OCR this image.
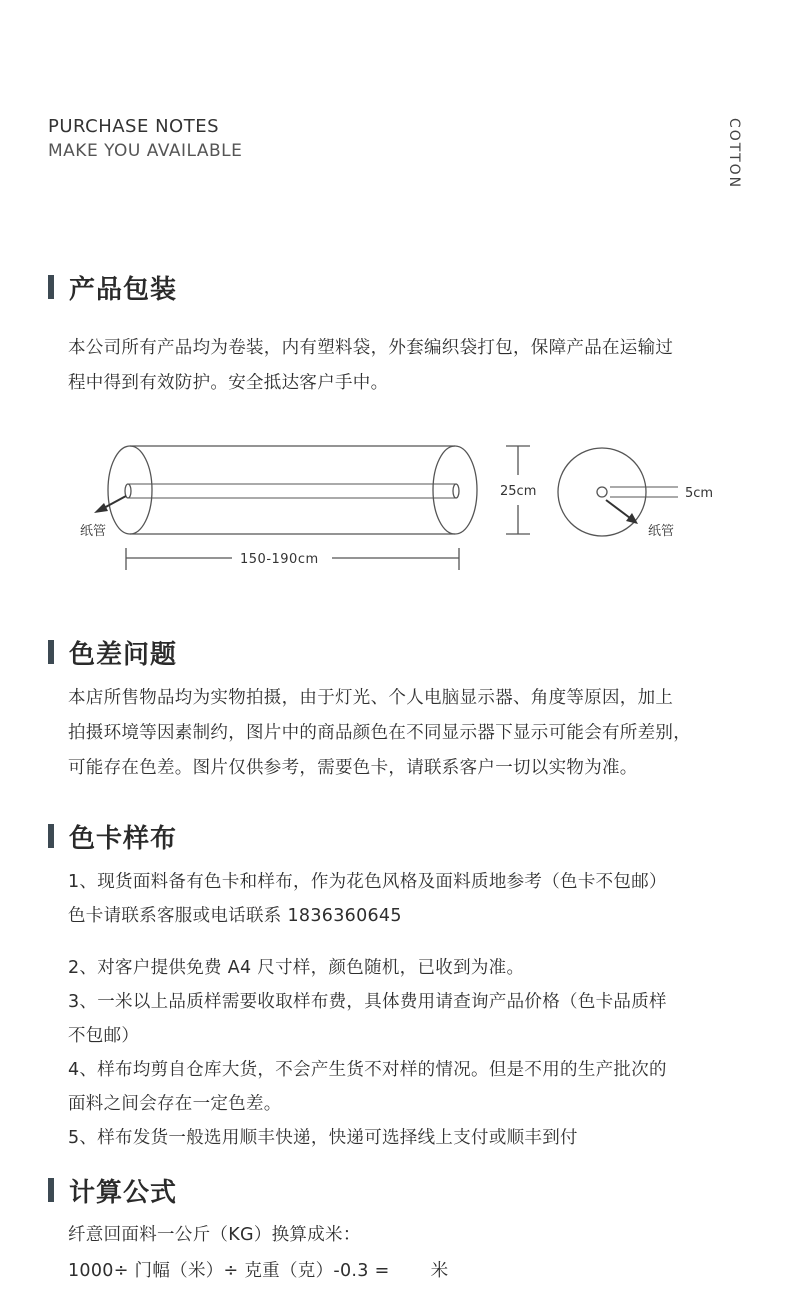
PURCHASE NOTES
MAKE YOU AVAILABLE	COTTON
产品包装

本公司所有产品均为卷装，内有塑料袋，外套编织袋打包，保障产品在运输过

程中得到有效防护。安全抵达客户手中。

纸管
150-190cm
25cm	5cm
纸管
色差问题

本店所售物品均为实物拍摄，由于灯光、个人电脑显示器、角度等原因，加上

拍摄环境等因素制约，图片中的商品颜色在不同显示器下显示可能会有所差别，

可能存在色差。图片仅供参考，需要色卡，请联系客户一切以实物为准。

色卡样布

1、现货面料备有色卡和样布，作为花色风格及面料质地参考（色卡不包邮）

色卡请联系客服或电话联系 1836360645

2、对客户提供免费 A4 尺寸样，颜色随机，已收到为准。

3、一米以上品质样需要收取样布费，具体费用请查询产品价格（色卡品质样

不包邮）

4、样布均剪自仓库大货，不会产生货不对样的情况。但是不用的生产批次的

面料之间会存在一定色差。

5、样布发货一般选用顺丰快递，快递可选择线上支付或顺丰到付

计算公式

纤意回面料一公斤（KG）换算成米：

1000÷ 门幅（米）÷ 克重（克）-0.3 =       米
